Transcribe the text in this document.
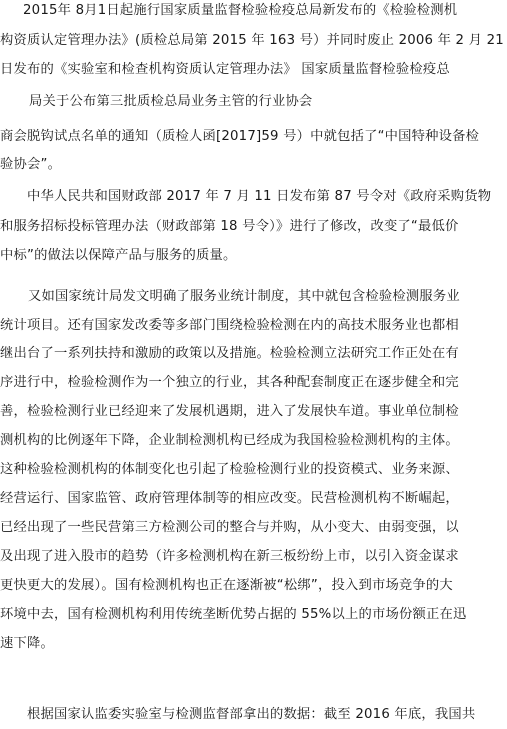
2015年 8月1日起施行国家质量监督检验检疫总局新发布的《检验检测机
构资质认定管理办法》(质检总局第 2015 年 163 号）并同时废止 2006 年 2 月 21
日发布的《实验室和检查机构资质认定管理办法》 国家质量监督检验检疫总
局关于公布第三批质检总局业务主管的行业协会
商会脱钩试点名单的通知（质检人函[2017]59 号）中就包括了“中国特种设备检
验协会”。
中华人民共和国财政部 2017 年 7 月 11 日发布第 87 号令对《政府采购货物
和服务招标投标管理办法（财政部第 18 号令）》进行了修改，改变了“最低价
中标”的做法以保障产品与服务的质量。
又如国家统计局发文明确了服务业统计制度，其中就包含检验检测服务业
统计项目。还有国家发改委等多部门围绕检验检测在内的高技术服务业也都相
继出台了一系列扶持和激励的政策以及措施。检验检测立法研究工作正处在有
序进行中，检验检测作为一个独立的行业，其各种配套制度正在逐步健全和完
善，检验检测行业已经迎来了发展机遇期，进入了发展快车道。事业单位制检
测机构的比例逐年下降，企业制检测机构已经成为我国检验检测机构的主体。
这种检验检测机构的体制变化也引起了检验检测行业的投资模式、业务来源、
经营运行、国家监管、政府管理体制等的相应改变。民营检测机构不断崛起，
已经出现了一些民营第三方检测公司的整合与并购，从小变大、由弱变强，以
及出现了进入股市的趋势（许多检测机构在新三板纷纷上市，以引入资金谋求
更快更大的发展）。国有检测机构也正在逐渐被“松绑”，投入到市场竞争的大
环境中去，国有检测机构利用传统垄断优势占据的 55%以上的市场份额正在迅
速下降。
根据国家认监委实验室与检测监督部拿出的数据：截至 2016 年底，我国共
